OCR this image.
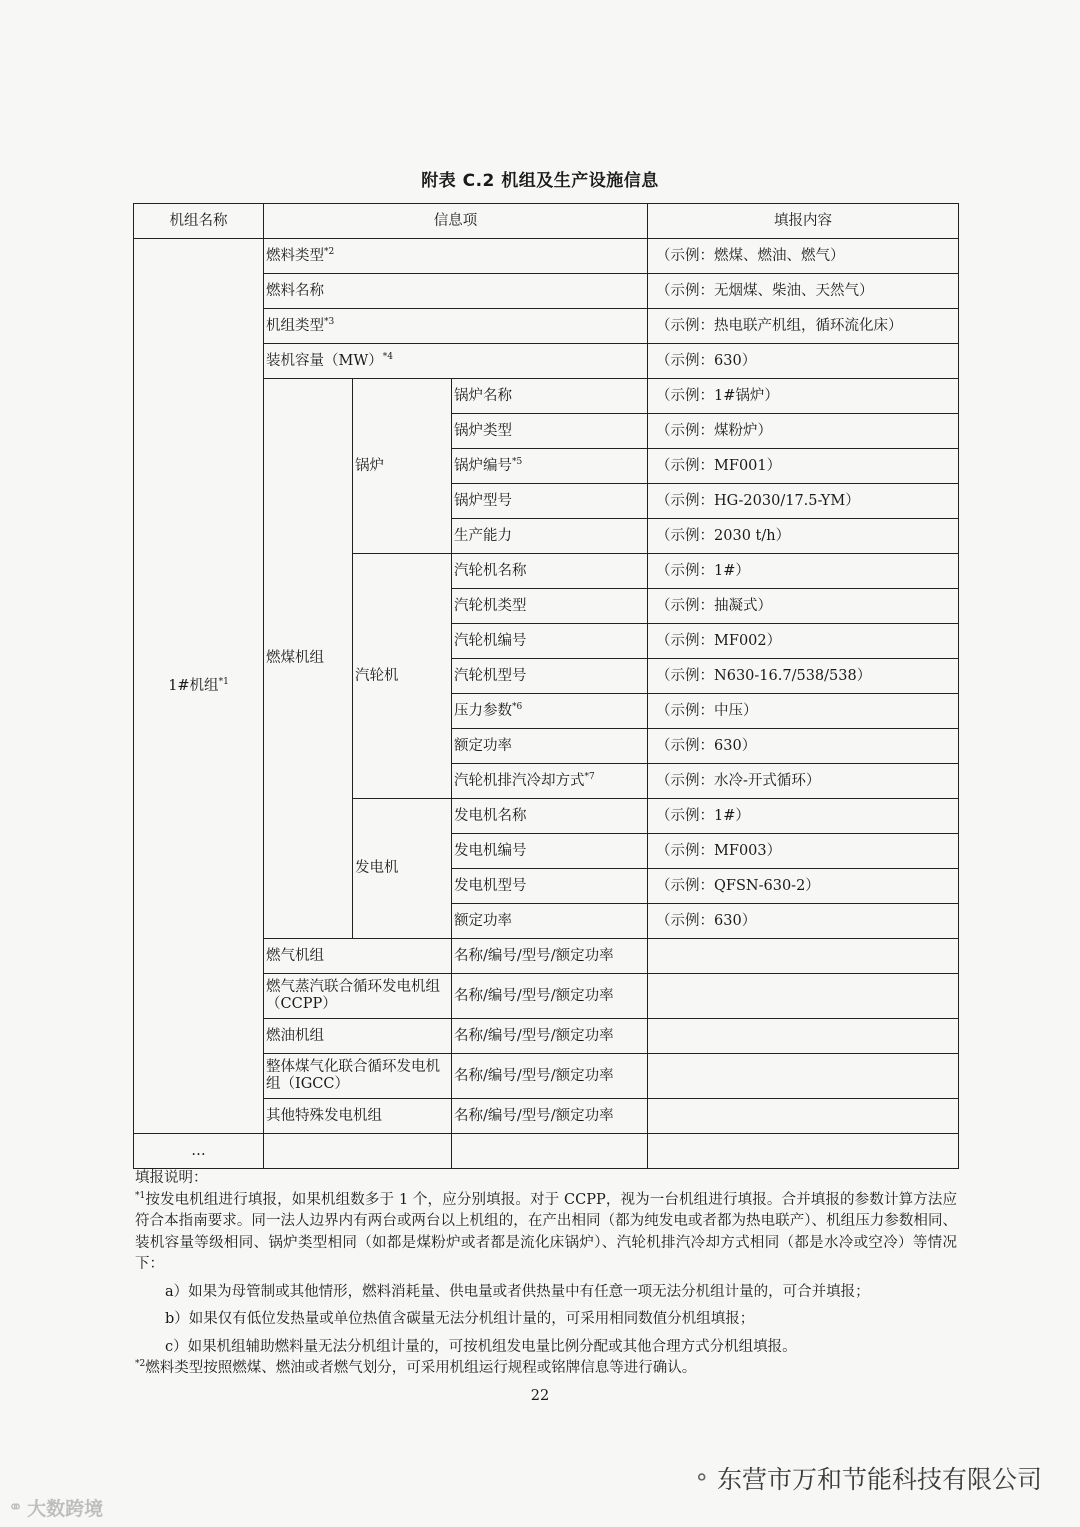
附表 C.2 机组及生产设施信息
机组名称	信息项			填报内容
1#机组$^{*1}$	燃料类型$^{*2}$			（示例：燃煤、燃油、燃气）
	燃料名称			（示例：无烟煤、柴油、天然气）
	机组类型$^{*3}$			（示例：热电联产机组，循环流化床）
	装机容量（MW）$^{*4}$			（示例：630）
	燃煤机组	锅炉	锅炉名称	（示例：1#锅炉）
			锅炉类型	（示例：煤粉炉）
			锅炉编号$^{*5}$	（示例：MF001）
			锅炉型号	（示例：HG-2030/17.5-YM）
			生产能力	（示例：2030 t/h）
		汽轮机	汽轮机名称	（示例：1#）
			汽轮机类型	（示例：抽凝式）
			汽轮机编号	（示例：MF002）
			汽轮机型号	（示例：N630-16.7/538/538）
			压力参数$^{*6}$	（示例：中压）
			额定功率	（示例：630）
			汽轮机排汽冷却方式$^{*7}$	（示例：水冷-开式循环）
		发电机	发电机名称	（示例：1#）
			发电机编号	（示例：MF003）
			发电机型号	（示例：QFSN-630-2）
			额定功率	（示例：630）
	燃气机组		名称/编号/型号/额定功率	
	燃气蒸汽联合循环发电机组（CCPP）		名称/编号/型号/额定功率	
	燃油机组		名称/编号/型号/额定功率	
	整体煤气化联合循环发电机组（IGCC）		名称/编号/型号/额定功率	
	其他特殊发电机组		名称/编号/型号/额定功率	
…				

填报说明：

$^{*1}$按发电机组进行填报，如果机组数多于 1 个，应分别填报。对于 CCPP，视为一台机组进行填报。合并填报的参数计算方法应符合本指南要求。同一法人边界内有两台或两台以上机组的，在产出相同（都为纯发电或者都为热电联产）、机组压力参数相同、装机容量等级相同、锅炉类型相同（如都是煤粉炉或者都是流化床锅炉）、汽轮机排汽冷却方式相同（都是水冷或空冷）等情况下：

a）如果为母管制或其他情形，燃料消耗量、供电量或者供热量中有任意一项无法分机组计量的，可合并填报；

b）如果仅有低位发热量或单位热值含碳量无法分机组计量的，可采用相同数值分机组填报；

c）如果机组辅助燃料量无法分机组计量的，可按机组发电量比例分配或其他合理方式分机组填报。

$^{*2}$燃料类型按照燃煤、燃油或者燃气划分，可采用机组运行规程或铭牌信息等进行确认。

22
⚬ 东营市万和节能科技有限公司
⚭ 大数跨境
